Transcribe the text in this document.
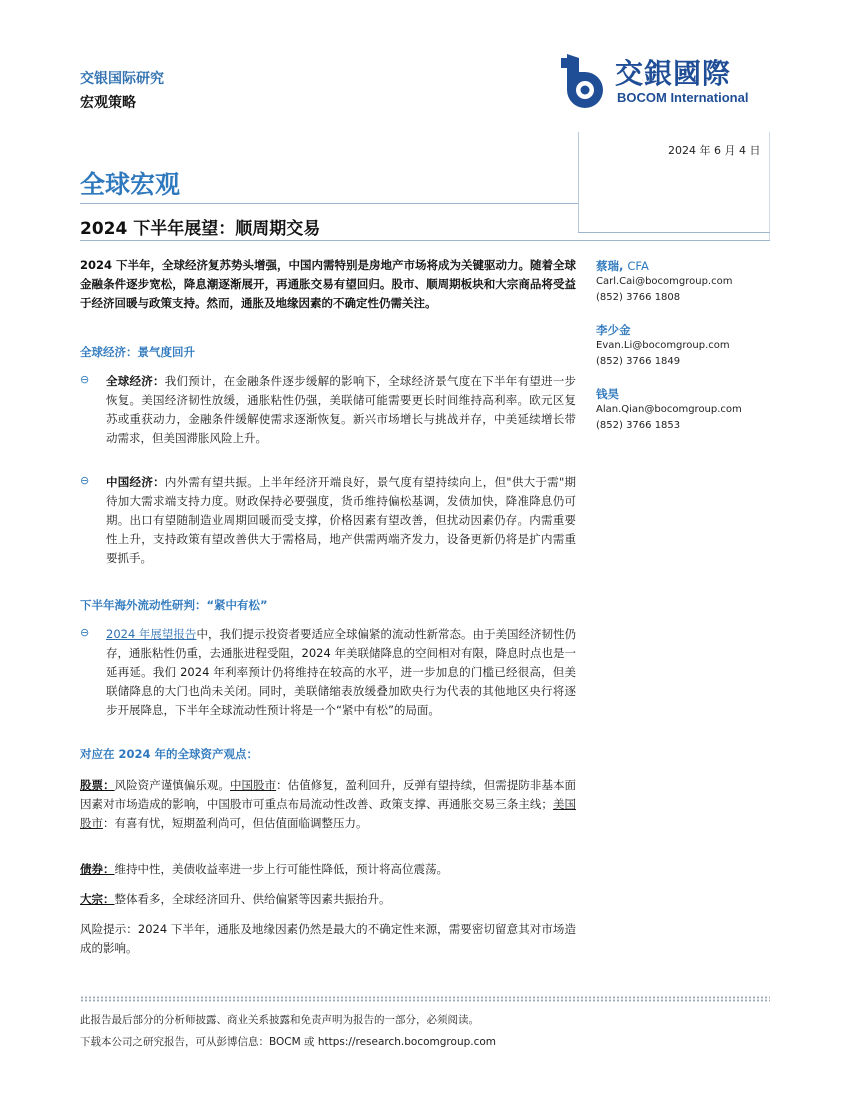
交银国际研究
宏观策略
交銀國際
BOCOM International
2024 年 6 月 4 日
全球宏观
2024 下半年展望：顺周期交易
2024 下半年，全球经济复苏势头增强，中国内需特别是房地产市场将成为关键驱动力。随着全球金融条件逐步宽松，降息潮逐渐展开，再通胀交易有望回归。股市、顺周期板块和大宗商品将受益于经济回暖与政策支持。然而，通胀及地缘因素的不确定性仍需关注。
全球经济：景气度回升
⊖ 全球经济：我们预计，在金融条件逐步缓解的影响下，全球经济景气度在下半年有望进一步恢复。美国经济韧性放缓，通胀粘性仍强，美联储可能需要更长时间维持高利率。欧元区复苏或重获动力，金融条件缓解使需求逐渐恢复。新兴市场增长与挑战并存，中美延续增长带动需求，但美国滞胀风险上升。
⊖ 中国经济：内外需有望共振。上半年经济开端良好，景气度有望持续向上，但"供大于需"期待加大需求端支持力度。财政保持必要强度，货币维持偏松基调，发债加快，降准降息仍可期。出口有望随制造业周期回暖而受支撑，价格因素有望改善，但扰动因素仍存。内需重要性上升，支持政策有望改善供大于需格局，地产供需两端齐发力，设备更新仍将是扩内需重要抓手。
下半年海外流动性研判：“紧中有松”
⊖ 2024 年展望报告中，我们提示投资者要适应全球偏紧的流动性新常态。由于美国经济韧性仍存，通胀粘性仍重，去通胀进程受阻，2024 年美联储降息的空间相对有限，降息时点也是一延再延。我们 2024 年利率预计仍将维持在较高的水平，进一步加息的门槛已经很高，但美联储降息的大门也尚未关闭。同时，美联储缩表放缓叠加欧央行为代表的其他地区央行将逐步开展降息，下半年全球流动性预计将是一个“紧中有松”的局面。
对应在 2024 年的全球资产观点：
股票：风险资产谨慎偏乐观。中国股市：估值修复，盈利回升，反弹有望持续，但需提防非基本面因素对市场造成的影响，中国股市可重点布局流动性改善、政策支撑、再通胀交易三条主线；美国股市：有喜有忧，短期盈利尚可，但估值面临调整压力。
债券：维持中性，美债收益率进一步上行可能性降低，预计将高位震荡。
大宗：整体看多，全球经济回升、供给偏紧等因素共振抬升。
风险提示：2024 下半年，通胀及地缘因素仍然是最大的不确定性来源，需要密切留意其对市场造成的影响。
蔡瑞, CFA
Carl.Cai@bocomgroup.com
(852) 3766 1808
李少金
Evan.Li@bocomgroup.com
(852) 3766 1849
钱昊
Alan.Qian@bocomgroup.com
(852) 3766 1853
此报告最后部分的分析师披露、商业关系披露和免责声明为报告的一部分，必须阅读。
下载本公司之研究报告，可从彭博信息：BOCM 或 https://research.bocomgroup.com
